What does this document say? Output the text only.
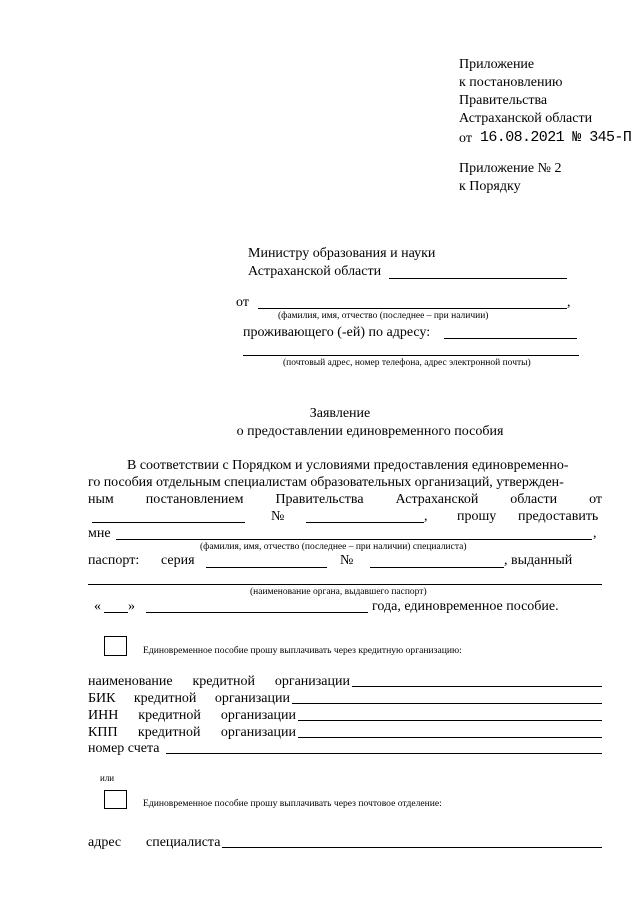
Приложение
к постановлению
Правительства
Астраханской области
от 16.08.2021 № 345-П
Приложение № 2
к Порядку
Министру образования и науки
Астраханской области
от	,
(фамилия, имя, отчество (последнее – при наличии)
проживающего (-ей) по адресу:
(почтовый адрес, номер телефона, адрес электронной почты)
Заявление
о предоставлении единовременного пособия
В соответствии с Порядком и условиями предоставления единовременно-
го пособия отдельным специалистам образовательных организаций, утвержден-
ным постановлением Правительства Астраханской области от
№	, прошу предоставить
мне	,
(фамилия, имя, отчество (последнее – при наличии) специалиста)
паспорт: серия	№	, выданный
(наименование органа, выдавшего паспорт)
« »	года, единовременное пособие.
Единовременное пособие прошу выплачивать через кредитную организацию:
наименование кредитной организации
БИК кредитной организации
ИНН кредитной организации
КПП кредитной организации
номер счета
или
Единовременное пособие прошу выплачивать через почтовое отделение:
адрес специалиста
